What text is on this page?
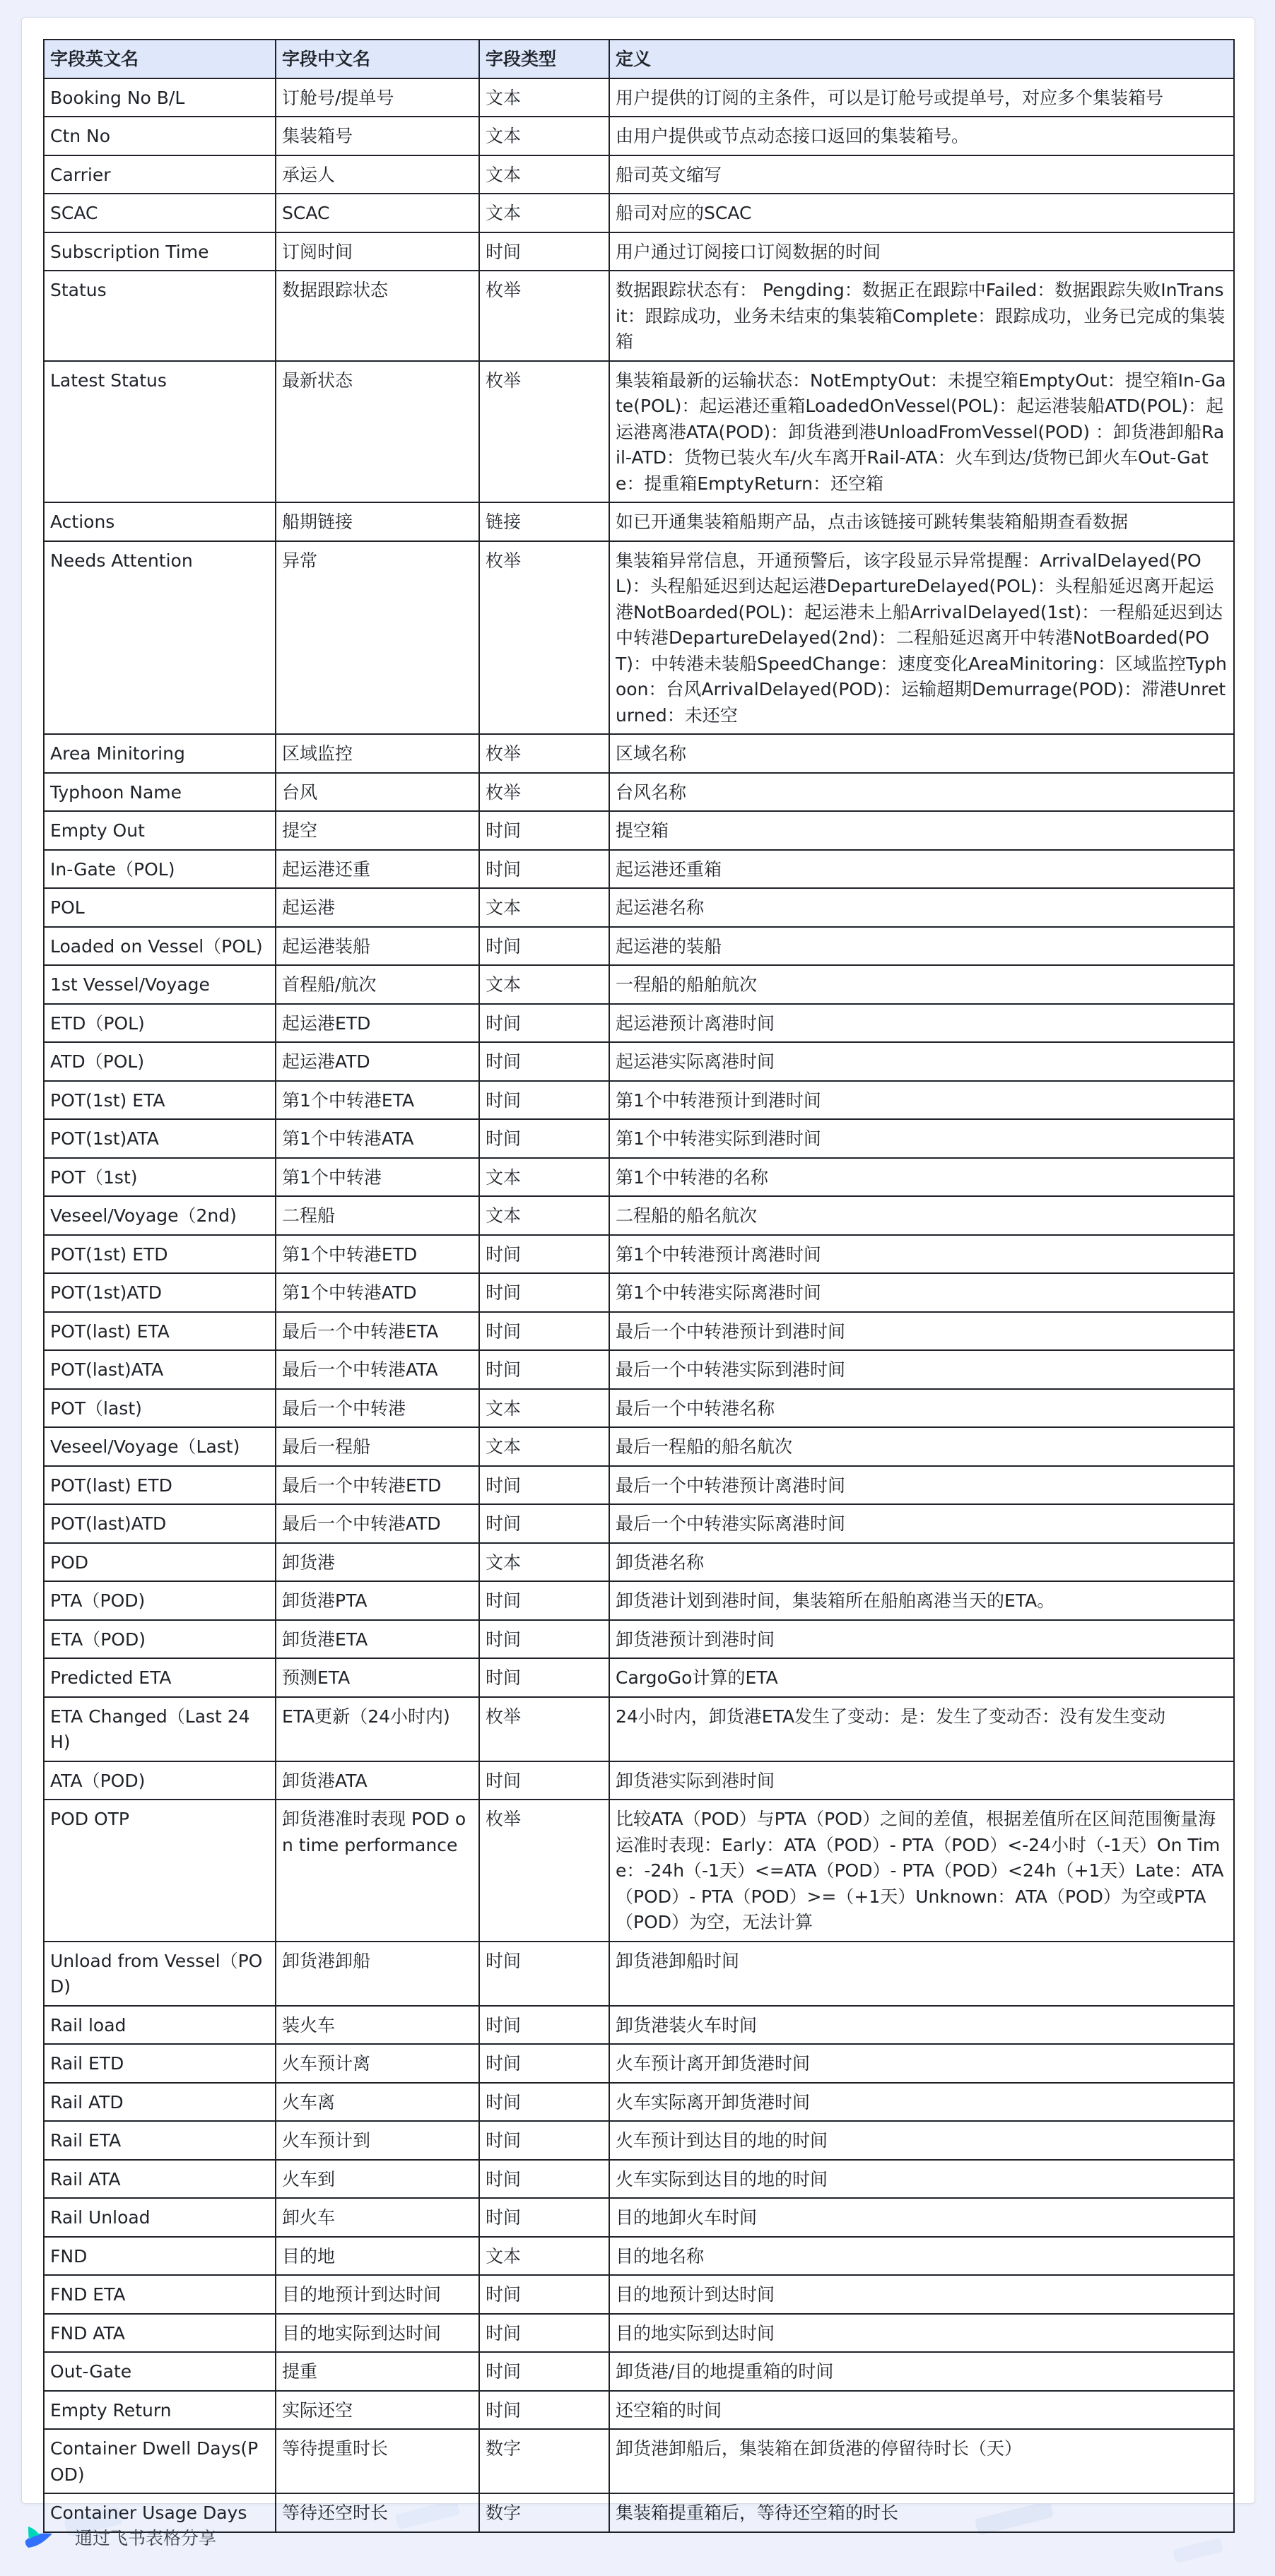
字段英文名	字段中文名	字段类型	定义
Booking No B/L	订舱号/提单号	文本	用户提供的订阅的主条件，可以是订舱号或提单号，对应多个集装箱号
Ctn No	集装箱号	文本	由用户提供或节点动态接口返回的集装箱号。
Carrier	承运人	文本	船司英文缩写
SCAC	SCAC	文本	船司对应的SCAC
Subscription Time	订阅时间	时间	用户通过订阅接口订阅数据的时间
Status	数据跟踪状态	枚举	数据跟踪状态有： Pengding：数据正在跟踪中Failed：数据跟踪失败InTransit：跟踪成功，业务未结束的集装箱Complete：跟踪成功，业务已完成的集装箱
Latest Status	最新状态	枚举	集装箱最新的运输状态：NotEmptyOut：未提空箱EmptyOut：提空箱In-Gate(POL)：起运港还重箱LoadedOnVessel(POL)：起运港装船ATD(POL)：起运港离港ATA(POD)：卸货港到港UnloadFromVessel(POD) ：卸货港卸船Rail-ATD：货物已装火车/火车离开Rail-ATA：火车到达/货物已卸火车Out-Gate：提重箱EmptyReturn：还空箱
Actions	船期链接	链接	如已开通集装箱船期产品，点击该链接可跳转集装箱船期查看数据
Needs Attention	异常	枚举	集装箱异常信息，开通预警后，该字段显示异常提醒：ArrivalDelayed(POL)：头程船延迟到达起运港DepartureDelayed(POL)：头程船延迟离开起运港NotBoarded(POL)：起运港未上船ArrivalDelayed(1st)：一程船延迟到达中转港DepartureDelayed(2nd)：二程船延迟离开中转港NotBoarded(POT)：中转港未装船SpeedChange：速度变化AreaMinitoring：区域监控Typhoon：台风ArrivalDelayed(POD)：运输超期Demurrage(POD)：滞港Unreturned：未还空
Area Minitoring	区域监控	枚举	区域名称
Typhoon Name	台风	枚举	台风名称
Empty Out	提空	时间	提空箱
In-Gate（POL)	起运港还重	时间	起运港还重箱
POL	起运港	文本	起运港名称
Loaded on Vessel（POL)	起运港装船	时间	起运港的装船
1st Vessel/Voyage	首程船/航次	文本	一程船的船舶航次
ETD（POL)	起运港ETD	时间	起运港预计离港时间
ATD（POL)	起运港ATD	时间	起运港实际离港时间
POT(1st) ETA	第1个中转港ETA	时间	第1个中转港预计到港时间
POT(1st)ATA	第1个中转港ATA	时间	第1个中转港实际到港时间
POT（1st)	第1个中转港	文本	第1个中转港的名称
Veseel/Voyage（2nd)	二程船	文本	二程船的船名航次
POT(1st) ETD	第1个中转港ETD	时间	第1个中转港预计离港时间
POT(1st)ATD	第1个中转港ATD	时间	第1个中转港实际离港时间
POT(last) ETA	最后一个中转港ETA	时间	最后一个中转港预计到港时间
POT(last)ATA	最后一个中转港ATA	时间	最后一个中转港实际到港时间
POT（last)	最后一个中转港	文本	最后一个中转港名称
Veseel/Voyage（Last)	最后一程船	文本	最后一程船的船名航次
POT(last) ETD	最后一个中转港ETD	时间	最后一个中转港预计离港时间
POT(last)ATD	最后一个中转港ATD	时间	最后一个中转港实际离港时间
POD	卸货港	文本	卸货港名称
PTA（POD)	卸货港PTA	时间	卸货港计划到港时间，集装箱所在船舶离港当天的ETA。
ETA（POD)	卸货港ETA	时间	卸货港预计到港时间
Predicted ETA	预测ETA	时间	CargoGo计算的ETA
ETA Changed（Last 24H)	ETA更新（24小时内)	枚举	24小时内，卸货港ETA发生了变动：是：发生了变动否：没有发生变动
ATA（POD)	卸货港ATA	时间	卸货港实际到港时间
POD OTP	卸货港准时表现 POD on time performance	枚举	比较ATA（POD）与PTA（POD）之间的差值，根据差值所在区间范围衡量海运准时表现：Early：ATA（POD）- PTA（POD）<-24小时（-1天）On Time：-24h（-1天）<=ATA（POD）- PTA（POD）<24h（+1天）Late：ATA（POD）- PTA（POD）>=（+1天）Unknown：ATA（POD）为空或PTA（POD）为空，无法计算
Unload from Vessel（POD)	卸货港卸船	时间	卸货港卸船时间
Rail load	装火车	时间	卸货港装火车时间
Rail ETD	火车预计离	时间	火车预计离开卸货港时间
Rail ATD	火车离	时间	火车实际离开卸货港时间
Rail ETA	火车预计到	时间	火车预计到达目的地的时间
Rail ATA	火车到	时间	火车实际到达目的地的时间
Rail Unload	卸火车	时间	目的地卸火车时间
FND	目的地	文本	目的地名称
FND ETA	目的地预计到达时间	时间	目的地预计到达时间
FND ATA	目的地实际到达时间	时间	目的地实际到达时间
Out-Gate	提重	时间	卸货港/目的地提重箱的时间
Empty Return	实际还空	时间	还空箱的时间
Container Dwell Days(POD)	等待提重时长	数字	卸货港卸船后，集装箱在卸货港的停留待时长（天）
Container Usage Days	等待还空时长	数字	集装箱提重箱后，等待还空箱的时长
通过飞书表格分享
